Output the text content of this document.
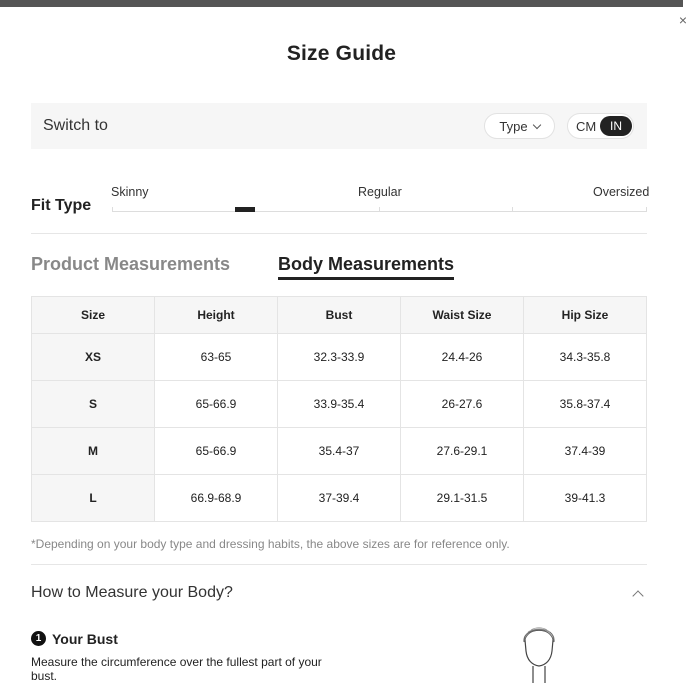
×
Size Guide
Switch to	Type	CM	IN
Fit Type
Skinny	Regular	Oversized
Product Measurements	Body Measurements
Size	Height	Bust	Waist Size	Hip Size
XS	63-65	32.3-33.9	24.4-26	34.3-35.8
S	65-66.9	33.9-35.4	26-27.6	35.8-37.4
M	65-66.9	35.4-37	27.6-29.1	37.4-39
L	66.9-68.9	37-39.4	29.1-31.5	39-41.3
*Depending on your body type and dressing habits, the above sizes are for reference only.
How to Measure your Body?
1 Your Bust
Measure the circumference over the fullest part of your bust.
